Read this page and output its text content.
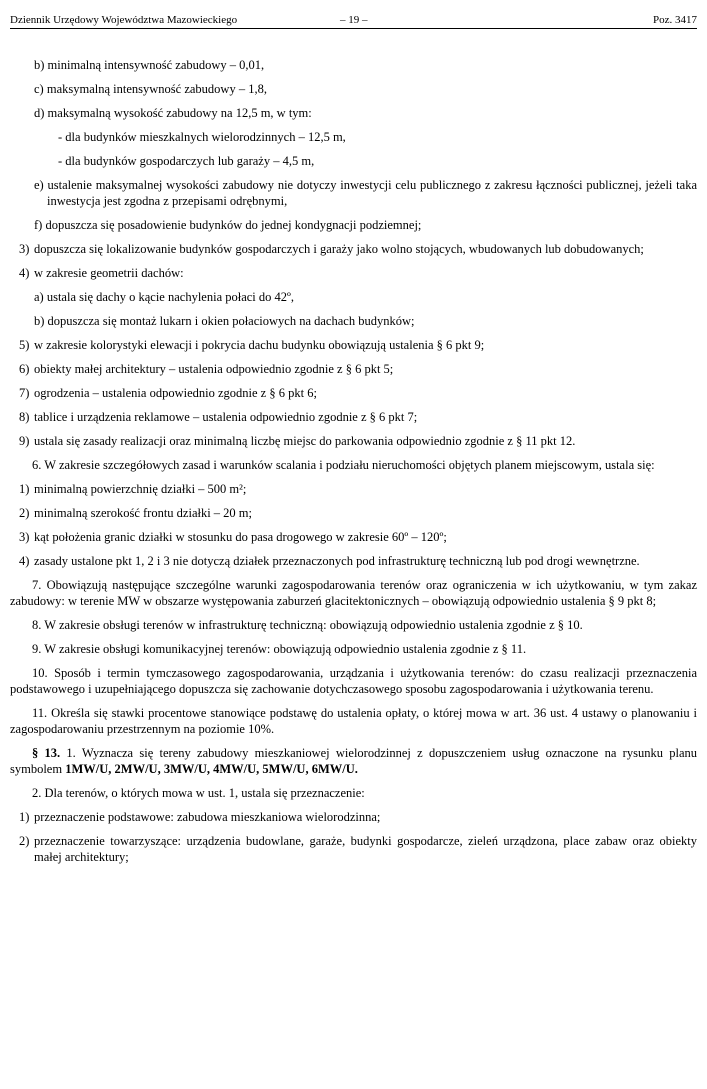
Dziennik Urzędowy Województwa Mazowieckiego	– 19 –	Poz. 3417
b) minimalną intensywność zabudowy – 0,01,
c) maksymalną intensywność zabudowy – 1,8,
d) maksymalną wysokość zabudowy na 12,5 m, w tym:
- dla budynków mieszkalnych wielorodzinnych – 12,5 m,
- dla budynków gospodarczych lub garaży – 4,5 m,
e) ustalenie maksymalnej wysokości zabudowy nie dotyczy inwestycji celu publicznego z zakresu łączności publicznej, jeżeli taka inwestycja jest zgodna z przepisami odrębnymi,
f) dopuszcza się posadowienie budynków do jednej kondygnacji podziemnej;
3) dopuszcza się lokalizowanie budynków gospodarczych i garaży jako wolno stojących, wbudowanych lub dobudowanych;
4) w zakresie geometrii dachów:
a) ustala się dachy o kącie nachylenia połaci do 42º,
b) dopuszcza się montaż lukarn i okien połaciowych na dachach budynków;
5) w zakresie kolorystyki elewacji i pokrycia dachu budynku obowiązują ustalenia § 6 pkt 9;
6) obiekty małej architektury – ustalenia odpowiednio zgodnie z § 6 pkt 5;
7) ogrodzenia – ustalenia odpowiednio zgodnie z § 6 pkt 6;
8) tablice i urządzenia reklamowe – ustalenia odpowiednio zgodnie z § 6 pkt 7;
9) ustala się zasady realizacji oraz minimalną liczbę miejsc do parkowania odpowiednio zgodnie z § 11 pkt 12.
6. W zakresie szczegółowych zasad i warunków scalania i podziału nieruchomości objętych planem miejscowym, ustala się:
1) minimalną powierzchnię działki – 500 m²;
2) minimalną szerokość frontu działki – 20 m;
3) kąt położenia granic działki w stosunku do pasa drogowego w zakresie 60º – 120º;
4) zasady ustalone pkt 1, 2 i 3 nie dotyczą działek przeznaczonych pod infrastrukturę techniczną lub pod drogi wewnętrzne.
7. Obowiązują następujące szczególne warunki zagospodarowania terenów oraz ograniczenia w ich użytkowaniu, w tym zakaz zabudowy: w terenie MW w obszarze występowania zaburzeń glacitektonicznych – obowiązują odpowiednio ustalenia § 9 pkt 8;
8. W zakresie obsługi terenów w infrastrukturę techniczną: obowiązują odpowiednio ustalenia zgodnie z § 10.
9. W zakresie obsługi komunikacyjnej terenów: obowiązują odpowiednio ustalenia zgodnie z § 11.
10. Sposób i termin tymczasowego zagospodarowania, urządzania i użytkowania terenów: do czasu realizacji przeznaczenia podstawowego i uzupełniającego dopuszcza się zachowanie dotychczasowego sposobu zagospodarowania i użytkowania terenu.
11. Określa się stawki procentowe stanowiące podstawę do ustalenia opłaty, o której mowa w art. 36 ust. 4 ustawy o planowaniu i zagospodarowaniu przestrzennym na poziomie 10%.
§ 13. 1. Wyznacza się tereny zabudowy mieszkaniowej wielorodzinnej z dopuszczeniem usług oznaczone na rysunku planu symbolem 1MW/U, 2MW/U, 3MW/U, 4MW/U, 5MW/U, 6MW/U.
2. Dla terenów, o których mowa w ust. 1, ustala się przeznaczenie:
1) przeznaczenie podstawowe: zabudowa mieszkaniowa wielorodzinna;
2) przeznaczenie towarzyszące: urządzenia budowlane, garaże, budynki gospodarcze, zieleń urządzona, place zabaw oraz obiekty małej architektury;
